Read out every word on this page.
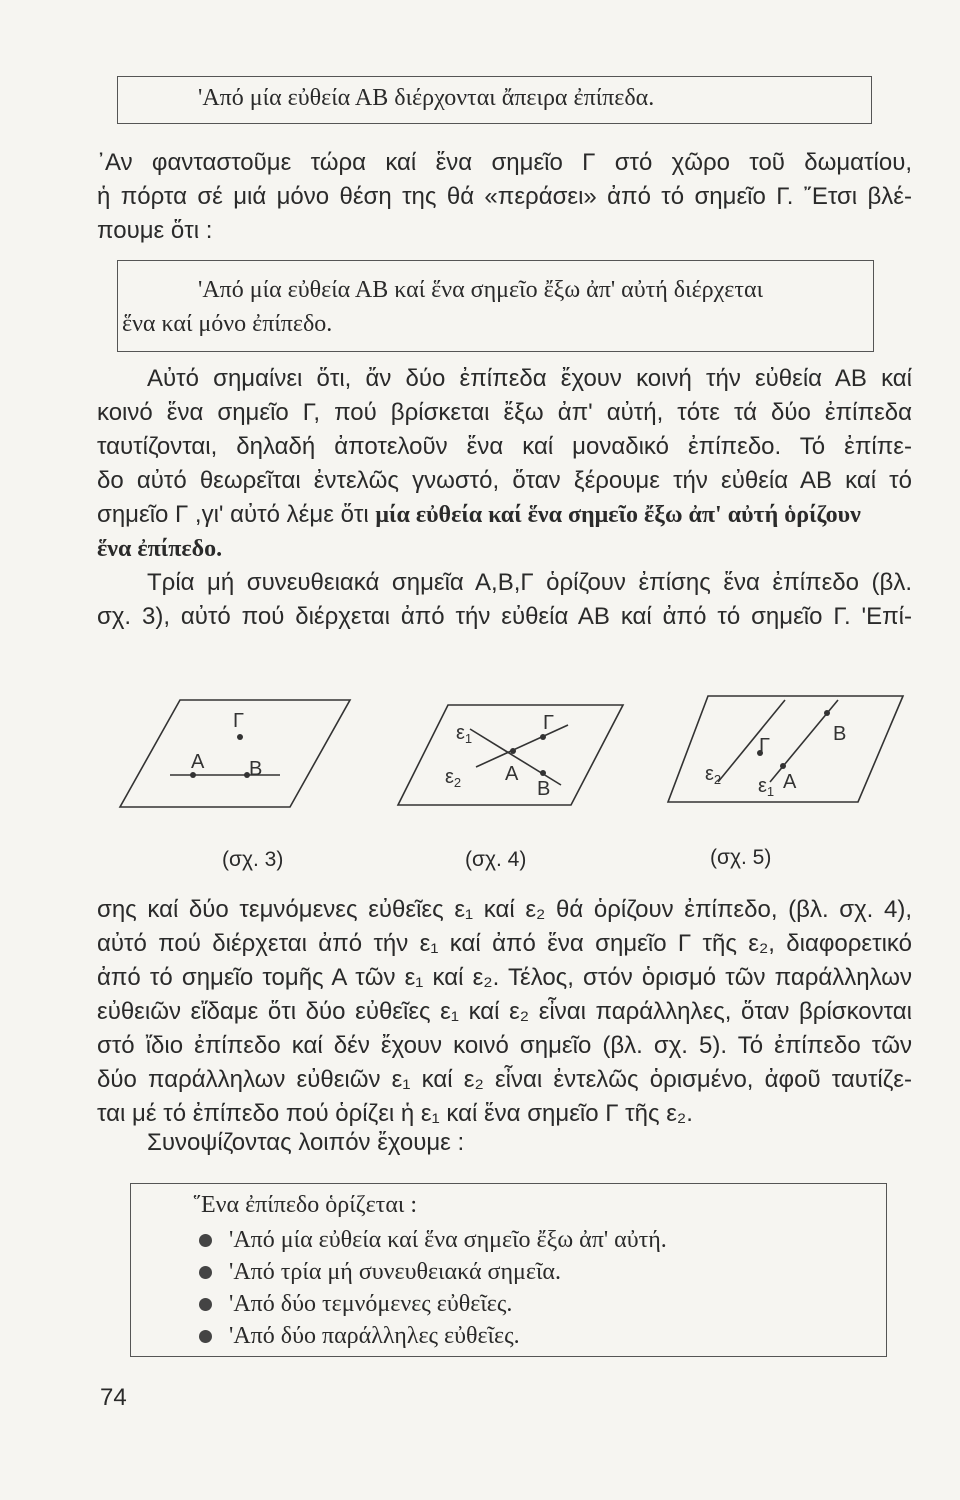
'Από μία εὐθεία ΑΒ διέρχονται ἄπειρα ἐπίπεδα.
᾿Αν φανταστοῦμε τώρα καί ἕνα σημεῖο Γ στό χῶρο τοῦ δωματίου,
ἡ πόρτα σέ μιά μόνο θέση της θά «περάσει» ἀπό τό σημεῖο Γ. ῎Ετσι βλέ-
πουμε ὅτι :
'Από μία εὐθεία ΑΒ καί ἕνα σημεῖο ἔξω ἀπ' αὐτή διέρχεται
ἕνα καί μόνο ἐπίπεδο.
Αὐτό σημαίνει ὅτι, ἄν δύο ἐπίπεδα ἔχουν κοινή τήν εὐθεία ΑΒ καί
κοινό ἕνα σημεῖο Γ, πού βρίσκεται ἔξω ἀπ' αὐτή, τότε τά δύο ἐπίπεδα
ταυτίζονται, δηλαδή ἀποτελοῦν ἕνα καί μοναδικό ἐπίπεδο. Τό ἐπίπε-
δο αὐτό θεωρεῖται ἐντελῶς γνωστό, ὅταν ξέρουμε τήν εὐθεία ΑΒ καί τό
σημεῖο Γ ,γι' αὐτό λέμε ὅτι μία εὐθεία καί ἕνα σημεῖο ἔξω ἀπ' αὐτή ὁρίζουν
ἕνα ἐπίπεδο.
Τρία μή συνευθειακά σημεῖα Α,Β,Γ ὁρίζουν ἐπίσης ἕνα ἐπίπεδο (βλ.
σχ. 3), αὐτό πού διέρχεται ἀπό τήν εὐθεία ΑΒ καί ἀπό τό σημεῖο Γ. 'Επί-
Α Β
Γ
(σχ. 3)
$\varepsilon_1$
$\varepsilon_2$ Α
Β
Γ
(σχ. 4)
Γ
Β
Α
$\varepsilon_2$ $\varepsilon_1$
(σχ. 5)
σης καί δύο τεμνόμενες εὐθεῖες ε₁ καί ε₂ θά ὁρίζουν ἐπίπεδο, (βλ. σχ. 4),
αὐτό πού διέρχεται ἀπό τήν ε₁ καί ἀπό ἕνα σημεῖο Γ τῆς ε₂, διαφορετικό
ἀπό τό σημεῖο τομῆς Α τῶν ε₁ καί ε₂. Τέλος, στόν ὁρισμό τῶν παράλληλων
εὐθειῶν εἴδαμε ὅτι δύο εὐθεῖες ε₁ καί ε₂ εἶναι παράλληλες, ὅταν βρίσκονται
στό ἴδιο ἐπίπεδο καί δέν ἔχουν κοινό σημεῖο (βλ. σχ. 5). Τό ἐπίπεδο τῶν
δύο παράλληλων εὐθειῶν ε₁ καί ε₂ εἶναι ἐντελῶς ὁρισμένο, ἀφοῦ ταυτίζε-
ται μέ τό ἐπίπεδο πού ὁρίζει ἡ ε₁ καί ἕνα σημεῖο Γ τῆς ε₂.
Συνοψίζοντας λοιπόν ἔχουμε :
῞Ενα ἐπίπεδο ὁρίζεται :
'Από μία εὐθεία καί ἕνα σημεῖο ἔξω ἀπ' αὐτή.
'Από τρία μή συνευθειακά σημεῖα.
'Από δύο τεμνόμενες εὐθεῖες.
'Από δύο παράλληλες εὐθεῖες.
74
